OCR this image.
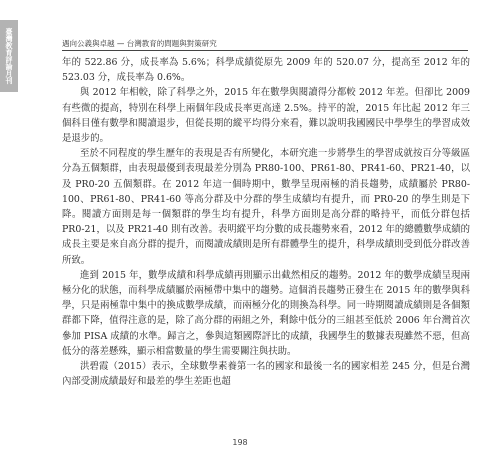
臺灣教育評論月刊	遇向公義與卓越 — 台灣教育的問題與對策研究

年的 522.86 分，成長率為 5.6%；科學成績從原先 2009 年的 520.07 分，提高至 2012 年的 523.03 分，成長率為 0.6%。

與 2012 年相較，除了科學之外，2015 年在數學與閱讀得分都較 2012 年差。但卻比 2009 有些微的提高，特別在科學上兩個年段成長率更高達 2.5%。持平的說，2015 年比起 2012 年三個科目僅有數學和閱讀退步，但從長期的縱平均得分來看，難以說明我國國民中學學生的學習成效是退步的。

至於不同程度的學生歷年的表現是否有所變化，本研究進一步將學生的學習成就按百分等級區分為五個類群，由表現最優到表現最差分別為 PR80-100、PR61-80、PR41-60、PR21-40，以及 PR0-20 五個類群。在 2012 年這一個時期中，數學呈現兩極的消長趨勢，成績屬於 PR80-100、PR61-80、PR41-60 等高分群及中分群的學生成績均有提升，而 PR0-20 的學生則是下降。閱讀方面則是每一個類群的學生均有提升，科學方面則是高分群的略持平，而低分群包括 PR0-21，以及 PR21-40 則有改善。表明縱平均分數的成長趨勢來看，2012 年的總體數學成績的成長主要是來自高分群的提升，而閱讀成績則是所有群體學生的提升，科學成績則受到低分群改善所致。

進到 2015 年，數學成績和科學成績再則顯示出截然相反的趨勢。2012 年的數學成績呈現兩極分化的狀態，而科學成績屬於兩極帶中集中的趨勢。這個消長趨勢正發生在 2015 年的數學與科學，只是兩極靠中集中的換成數學成績，而兩極分化的則換為科學。同一時期閱讀成績則是各個類群都下降，值得注意的是，除了高分群的兩組之外，剩餘中低分的三組甚至低於 2006 年台灣首次參加 PISA 成績的水準。歸言之，參與這類國際評比的成績，我國學生的數據表現雖然不惡，但高低分的落差懸殊，顯示相當數量的學生需要關注與扶助。

洪碧霞（2015）表示，全球數學素養第一名的國家和最後一名的國家相差 245 分，但是台灣內部受測成績最好和最差的學生差距也超

198
